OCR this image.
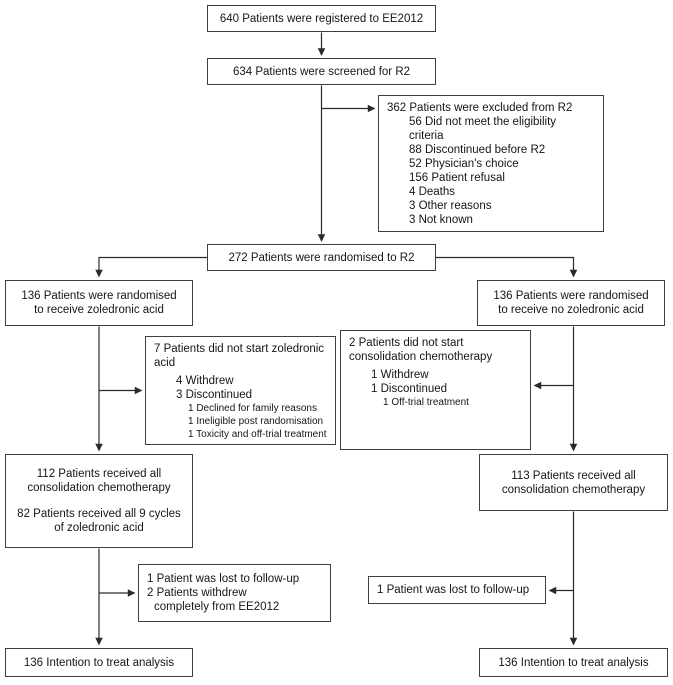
640 Patients were registered to EE2012
634 Patients were screened for R2
362 Patients were excluded from R2
56 Did not meet the eligibility
criteria
88 Discontinued before R2
52 Physician's choice
156 Patient refusal
4 Deaths
3 Other reasons
3 Not known
272 Patients were randomised to R2
136 Patients were randomised
to receive zoledronic acid
136 Patients were randomised
to receive no zoledronic acid
7 Patients did not start zoledronic
acid
4 Withdrew
3 Discontinued
1 Declined for family reasons
1 Ineligible post randomisation
1 Toxicity and off-trial treatment
2 Patients did not start
consolidation chemotherapy
1 Withdrew
1 Discontinued
1 Off-trial treatment
112 Patients received all
consolidation chemotherapy
82 Patients received all 9 cycles
of zoledronic acid
113 Patients received all
consolidation chemotherapy
1 Patient was lost to follow-up
2 Patients withdrew
completely from EE2012
1 Patient was lost to follow-up
136 Intention to treat analysis	136 Intention to treat analysis
